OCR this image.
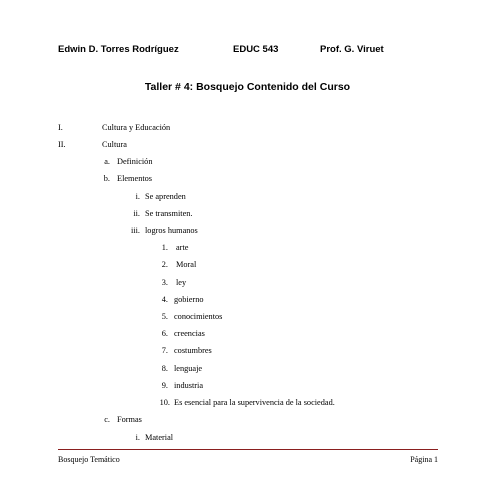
Edwin D. Torres Rodríguez	EDUC 543	Prof. G. Viruet
Taller # 4: Bosquejo Contenido del Curso
I.	Cultura y Educación
II.	Cultura
a. Definición
b. Elementos
i. Se aprenden
ii. Se transmiten.
iii. logros humanos
1. arte
2. Moral
3. ley
4. gobierno
5. conocimientos
6. creencias
7. costumbres
8. lenguaje
9. industria
10. Es esencial para la supervivencia de la sociedad.
c. Formas
i. Material
Bosquejo Temático	Página 1
